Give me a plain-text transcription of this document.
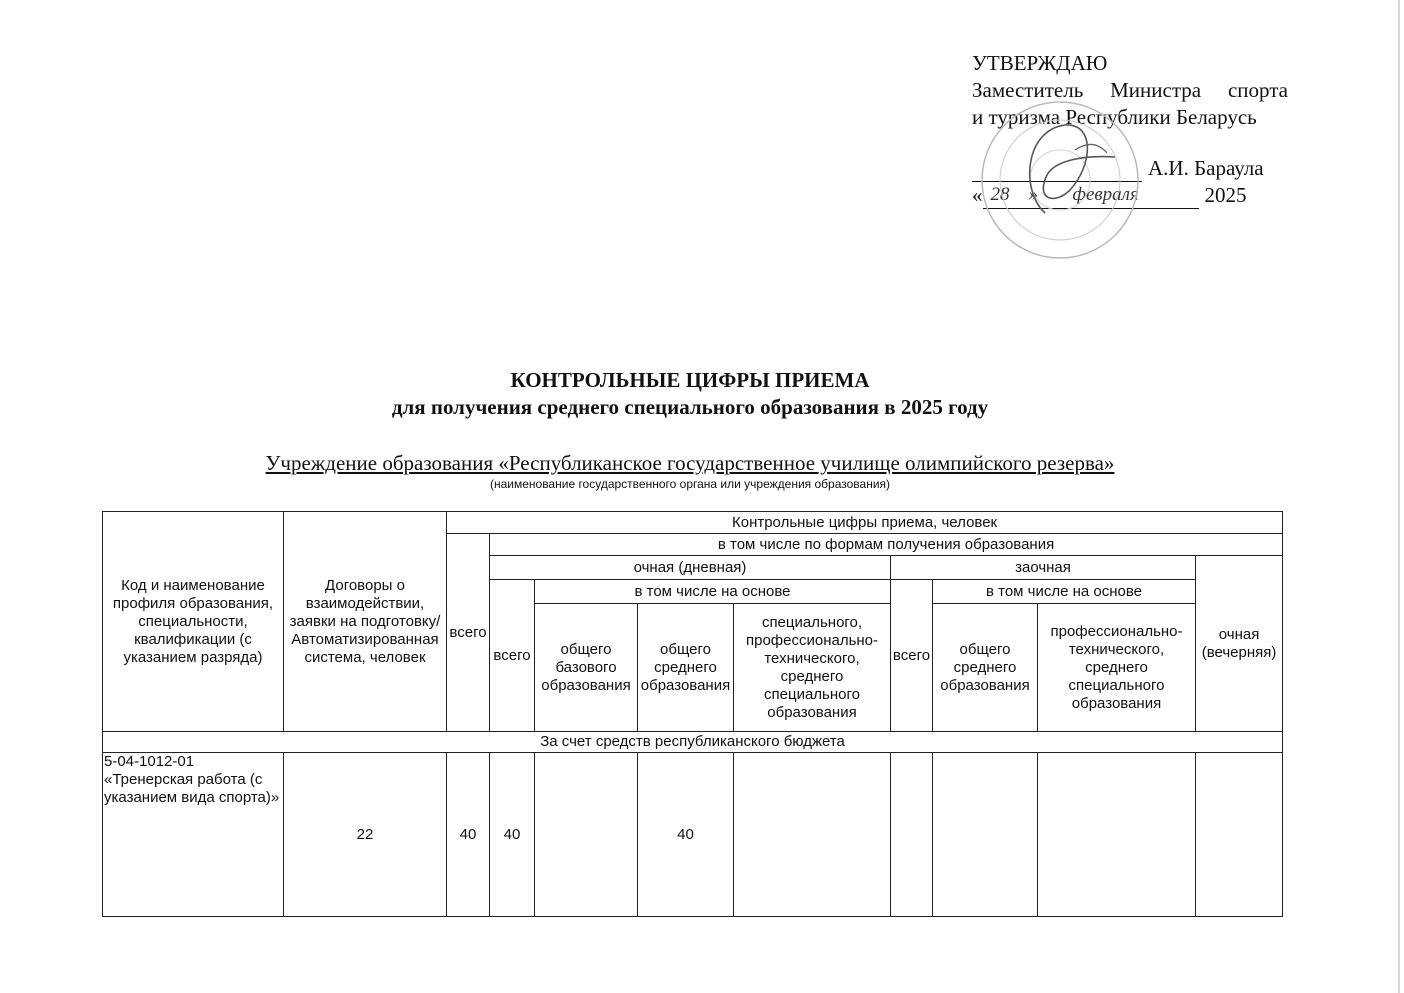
УТВЕРЖДАЮ
Заместитель Министра спорта
и туризма Республики Беларусь
А.И. Бараула
« 28 » февраля	2025
КОНТРОЛЬНЫЕ ЦИФРЫ ПРИЕМА
для получения среднего специального образования в 2025 году
Учреждение образования «Республиканское государственное училище олимпийского резерва»
(наименование государственного органа или учреждения образования)
Код и наименование профиля образования, специальности, квалификации (с указанием разряда)	Договоры о взаимодействии, заявки на подготовку/ Автоматизированная система, человек	Контрольные цифры приема, человек								
		всего	в том числе по формам получения образования							
			очная (дневная)				заочная			очная (вечерняя)
			всего	в том числе на основе			всего	в том числе на основе		
				общего базового образования	общего среднего образования	специального, профессионально-технического, среднего специального образования		общего среднего образования	профессионально-технического, среднего специального образования	
За счет средств республиканского бюджета										

5-04-1012-01
«Тренерская работа (с указанием вида спорта)»	22	40	40		40					
